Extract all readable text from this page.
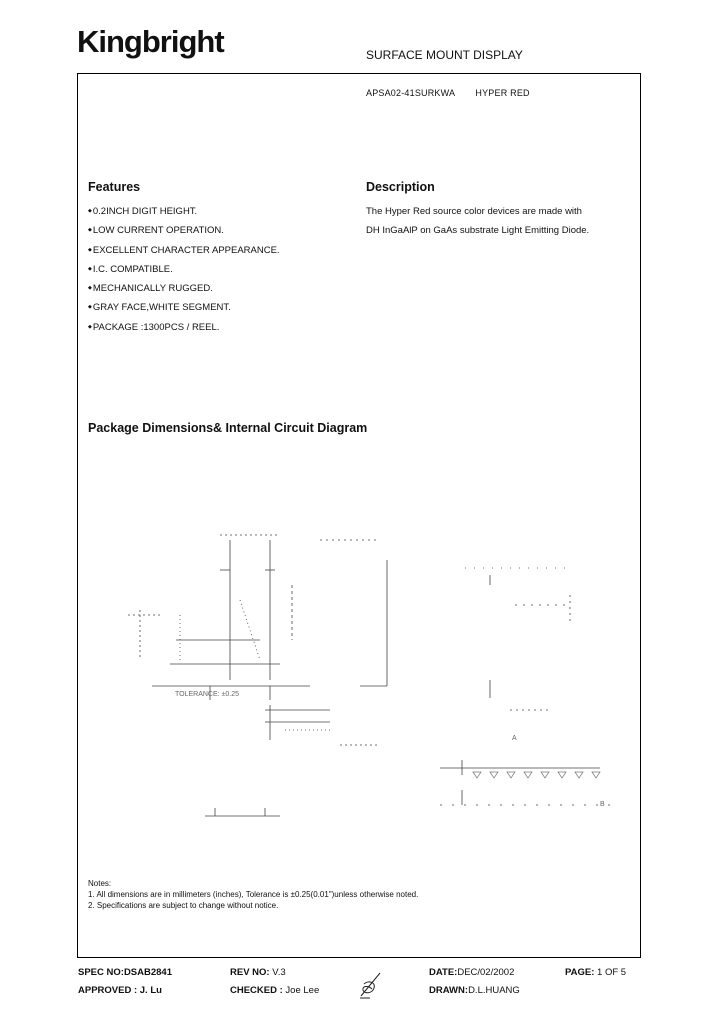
Kingbright	SURFACE MOUNT DISPLAY
APSA02-41SURKWA HYPER RED
Features	Description
◆ 0.2INCH DIGIT HEIGHT.
◆ LOW CURRENT OPERATION.
◆ EXCELLENT CHARACTER APPEARANCE.
◆ I.C. COMPATIBLE.
◆ MECHANICALLY RUGGED.
◆ GRAY FACE,WHITE SEGMENT.
◆ PACKAGE :1300PCS / REEL.
The Hyper Red source color devices are made with
DH InGaAlP on GaAs substrate Light Emitting Diode.
Package Dimensions& Internal Circuit Diagram
TOLERANCE: ±0.25
A
B
Notes:
1. All dimensions are in millimeters (inches), Tolerance is ±0.25(0.01")unless otherwise noted.
2. Specifications are subject to change without notice.
SPEC NO:DSAB2841	REV NO: V.3	DATE:DEC/02/2002	PAGE: 1 OF 5
APPROVED : J. Lu	CHECKED : Joe Lee	DRAWN:D.L.HUANG
